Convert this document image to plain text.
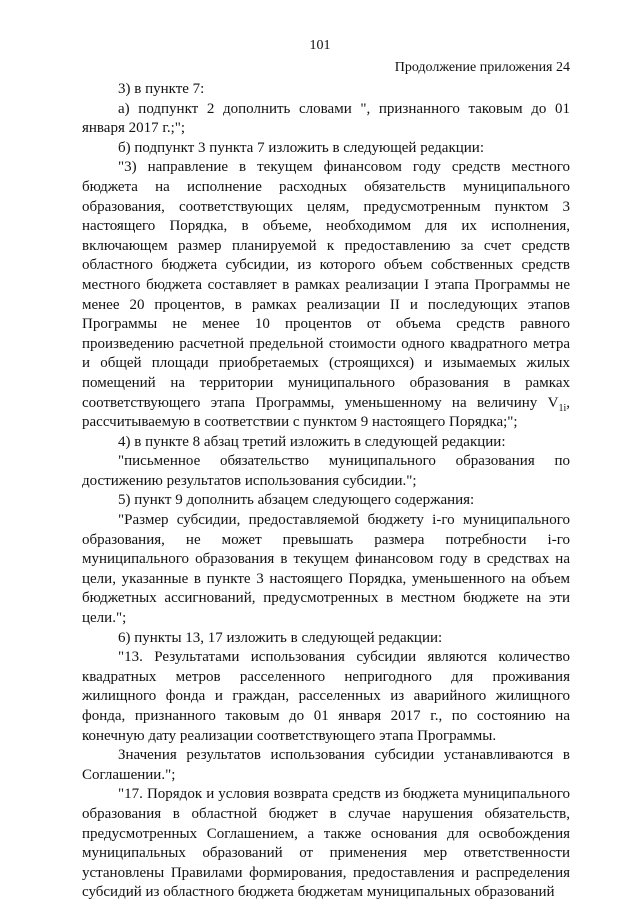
101
Продолжение приложения 24

3) в пункте 7:

а) подпункт 2 дополнить словами ", признанного таковым до 01 января 2017 г.;";

б) подпункт 3 пункта 7 изложить в следующей редакции:

"3) направление в текущем финансовом году средств местного бюджета на исполнение расходных обязательств муниципального образования, соответствующих целям, предусмотренным пунктом 3 настоящего Порядка, в объеме, необходимом для их исполнения, включающем размер планируемой к предоставлению за счет средств областного бюджета субсидии, из которого объем собственных средств местного бюджета составляет в рамках реализации I этапа Программы не менее 20 процентов, в рамках реализации II и последующих этапов Программы не менее 10 процентов от объема средств равного произведению расчетной предельной стоимости одного квадратного метра и общей площади приобретаемых (строящихся) и изымаемых жилых помещений на территории муниципального образования в рамках соответствующего этапа Программы, уменьшенному на величину $V_{1i}$, рассчитываемую в соответствии с пунктом 9 настоящего Порядка;";

4) в пункте 8 абзац третий изложить в следующей редакции:

"письменное обязательство муниципального образования по достижению результатов использования субсидии.";

5) пункт 9 дополнить абзацем следующего содержания:

"Размер субсидии, предоставляемой бюджету i-го муниципального образования, не может превышать размера потребности i-го муниципального образования в текущем финансовом году в средствах на цели, указанные в пункте 3 настоящего Порядка, уменьшенного на объем бюджетных ассигнований, предусмотренных в местном бюджете на эти цели.";

6) пункты 13, 17 изложить в следующей редакции:

"13. Результатами использования субсидии являются количество квадратных метров расселенного непригодного для проживания жилищного фонда и граждан, расселенных из аварийного жилищного фонда, признанного таковым до 01 января 2017 г., по состоянию на конечную дату реализации соответствующего этапа Программы.

Значения результатов использования субсидии устанавливаются в Соглашении.";

"17. Порядок и условия возврата средств из бюджета муниципального образования в областной бюджет в случае нарушения обязательств, предусмотренных Соглашением, а также основания для освобождения муниципальных образований от применения мер ответственности установлены Правилами формирования, предоставления и распределения субсидий из областного бюджета бюджетам муниципальных образований
